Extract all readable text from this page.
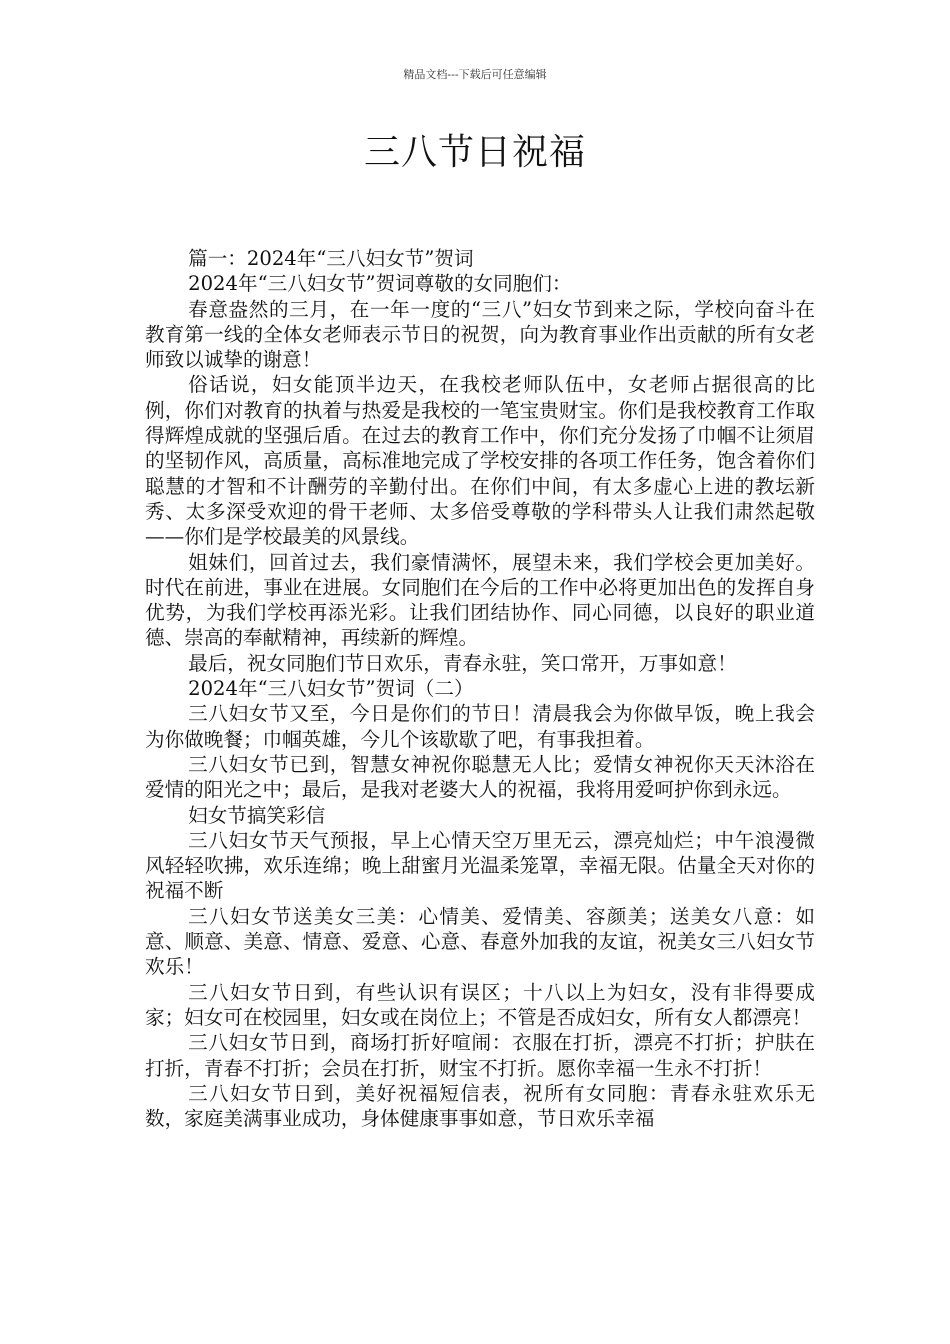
精品文档---下载后可任意编辑
三八节日祝福

篇一：2024年“三八妇女节”贺词

2024年“三八妇女节”贺词尊敬的女同胞们：

春意盎然的三月，在一年一度的“三八”妇女节到来之际，学校向奋斗在教育第一线的全体女老师表示节日的祝贺，向为教育事业作出贡献的所有女老师致以诚挚的谢意！

俗话说，妇女能顶半边天，在我校老师队伍中，女老师占据很高的比例，你们对教育的执着与热爱是我校的一笔宝贵财宝。你们是我校教育工作取得辉煌成就的坚强后盾。在过去的教育工作中，你们充分发扬了巾帼不让须眉的坚韧作风，高质量，高标准地完成了学校安排的各项工作任务，饱含着你们聪慧的才智和不计酬劳的辛勤付出。在你们中间，有太多虚心上进的教坛新秀、太多深受欢迎的骨干老师、太多倍受尊敬的学科带头人让我们肃然起敬——你们是学校最美的风景线。

姐妹们，回首过去，我们豪情满怀，展望未来，我们学校会更加美好。时代在前进，事业在进展。女同胞们在今后的工作中必将更加出色的发挥自身优势，为我们学校再添光彩。让我们团结协作、同心同德，以良好的职业道德、崇高的奉献精神，再续新的辉煌。

最后，祝女同胞们节日欢乐，青春永驻，笑口常开，万事如意！

2024年“三八妇女节”贺词（二）

三八妇女节又至，今日是你们的节日！清晨我会为你做早饭，晚上我会为你做晚餐；巾帼英雄，今儿个该歇歇了吧，有事我担着。

三八妇女节已到，智慧女神祝你聪慧无人比；爱情女神祝你天天沐浴在爱情的阳光之中；最后，是我对老婆大人的祝福，我将用爱呵护你到永远。

妇女节搞笑彩信

三八妇女节天气预报，早上心情天空万里无云，漂亮灿烂；中午浪漫微风轻轻吹拂，欢乐连绵；晚上甜蜜月光温柔笼罩，幸福无限。估量全天对你的祝福不断

三八妇女节送美女三美：心情美、爱情美、容颜美；送美女八意：如意、顺意、美意、情意、爱意、心意、春意外加我的友谊，祝美女三八妇女节欢乐！

三八妇女节日到，有些认识有误区；十八以上为妇女，没有非得要成家；妇女可在校园里，妇女或在岗位上；不管是否成妇女，所有女人都漂亮！

三八妇女节日到，商场打折好喧闹：衣服在打折，漂亮不打折；护肤在打折，青春不打折；会员在打折，财宝不打折。愿你幸福一生永不打折！

三八妇女节日到，美好祝福短信表，祝所有女同胞：青春永驻欢乐无数，家庭美满事业成功，身体健康事事如意，节日欢乐幸福
